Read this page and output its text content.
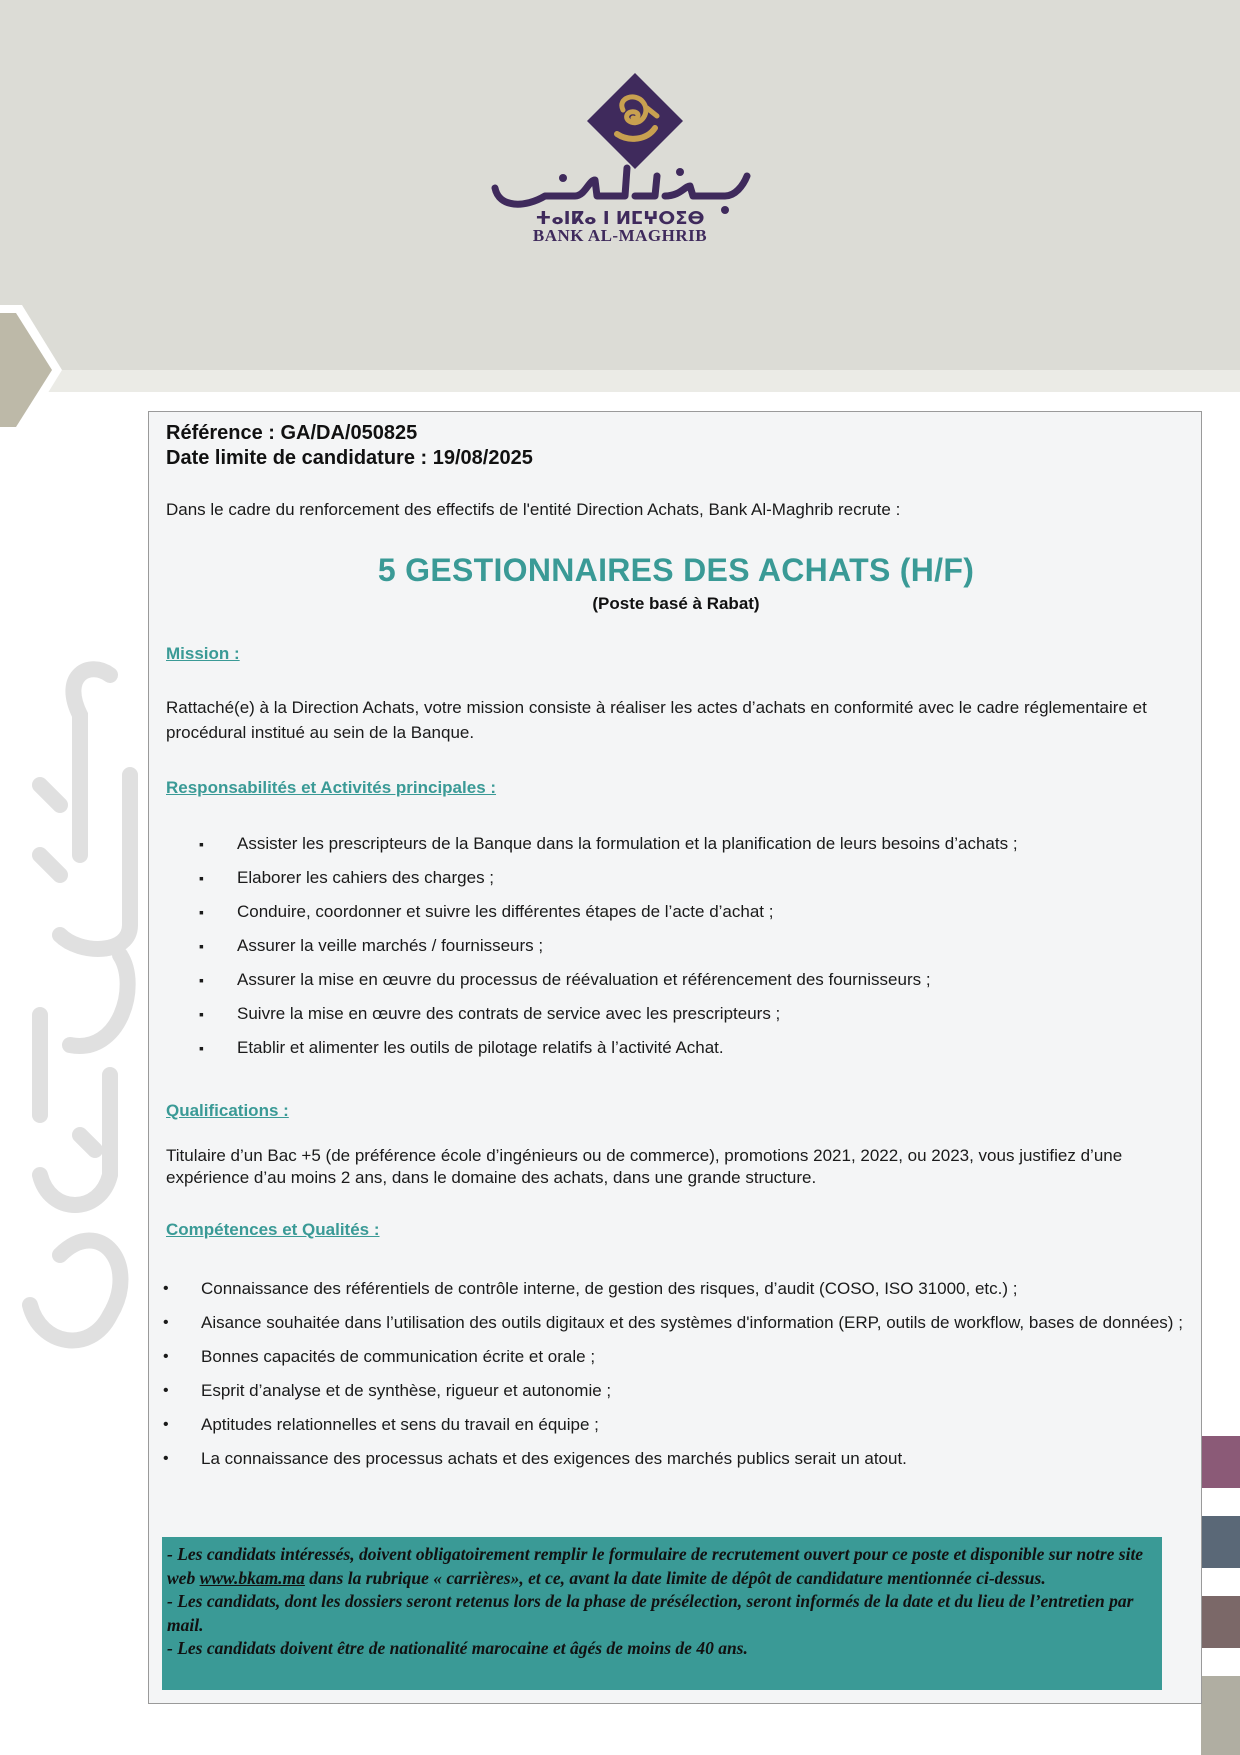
ⵜⴰⵏⴽⴰ ⵏ ⵍⵎⵖⵔⵉⴱ
BANK AL-MAGHRIB
Référence : GA/DA/050825
Date limite de candidature : 19/08/2025
Dans le cadre du renforcement des effectifs de l'entité Direction Achats, Bank Al-Maghrib recrute :
5 GESTIONNAIRES DES ACHATS (H/F)
(Poste basé à Rabat)
Mission :
Rattaché(e) à la Direction Achats, votre mission consiste à réaliser les actes d’achats en conformité avec le cadre réglementaire et procédural institué au sein de la Banque.
Responsabilités et Activités principales :
▪ Assister les prescripteurs de la Banque dans la formulation et la planification de leurs besoins d’achats ;
▪ Elaborer les cahiers des charges ;
▪ Conduire, coordonner et suivre les différentes étapes de l’acte d’achat ;
▪ Assurer la veille marchés / fournisseurs ;
▪ Assurer la mise en œuvre du processus de réévaluation et référencement des fournisseurs ;
▪ Suivre la mise en œuvre des contrats de service avec les prescripteurs ;
▪ Etablir et alimenter les outils de pilotage relatifs à l’activité Achat.
Qualifications :
Titulaire d’un Bac +5 (de préférence école d’ingénieurs ou de commerce), promotions 2021, 2022, ou 2023, vous justifiez d’une expérience d’au moins 2 ans, dans le domaine des achats, dans une grande structure.
Compétences et Qualités :
• Connaissance des référentiels de contrôle interne, de gestion des risques, d’audit (COSO, ISO 31000, etc.) ;
• Aisance souhaitée dans l’utilisation des outils digitaux et des systèmes d'information (ERP, outils de workflow, bases de données) ;
• Bonnes capacités de communication écrite et orale ;
• Esprit d’analyse et de synthèse, rigueur et autonomie ;
• Aptitudes relationnelles et sens du travail en équipe ;
• La connaissance des processus achats et des exigences des marchés publics serait un atout.
- Les candidats intéressés, doivent obligatoirement remplir le formulaire de recrutement ouvert pour ce poste et disponible sur notre site web www.bkam.ma dans la rubrique « carrières», et ce, avant la date limite de dépôt de candidature mentionnée ci-dessus.
- Les candidats, dont les dossiers seront retenus lors de la phase de présélection, seront informés de la date et du lieu de l’entretien par mail.
- Les candidats doivent être de nationalité marocaine et âgés de moins de 40 ans.
